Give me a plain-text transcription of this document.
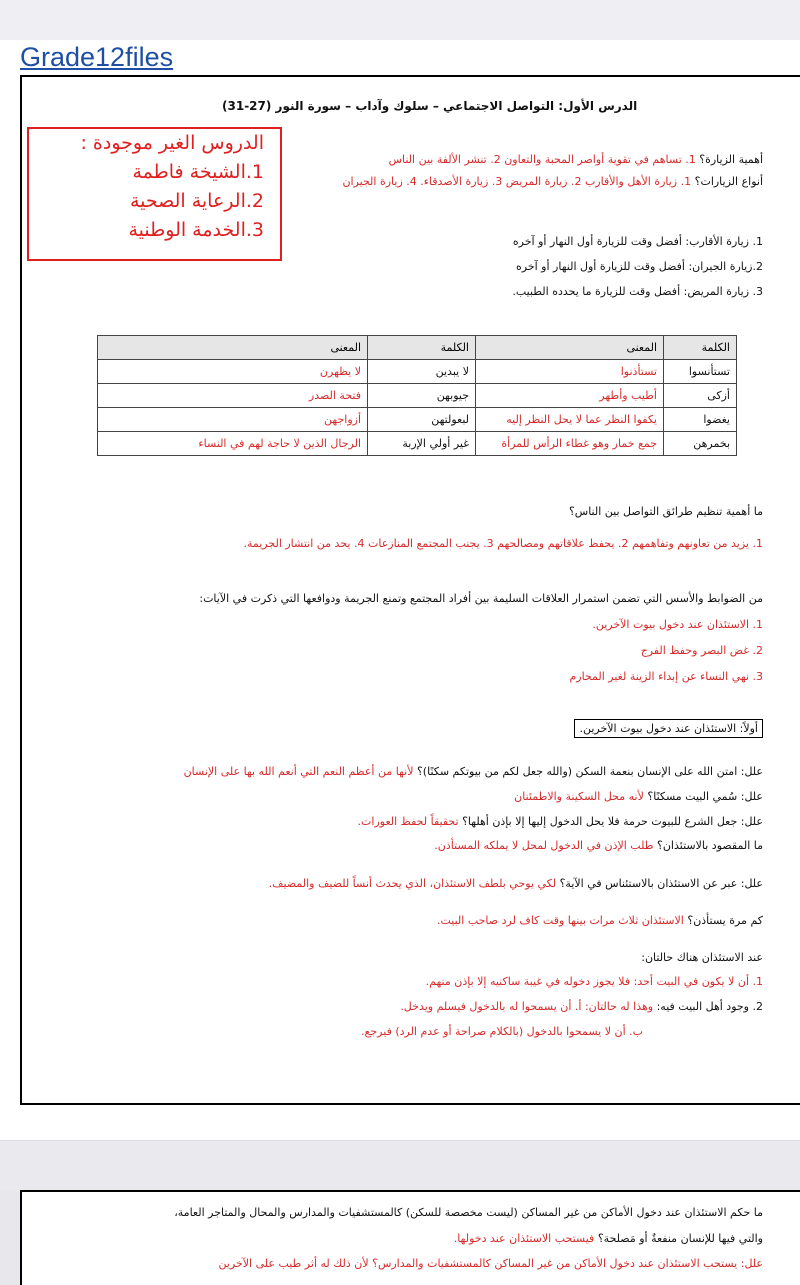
Grade12files
الدرس الأول: التواصل الاجتماعي – سلوك وآداب – سورة النور (27-31)
الدروس الغير موجودة :
1.الشيخة فاطمة
2.الرعاية الصحية
3.الخدمة الوطنية
أهمية الزيارة؟ 1. تساهم في تقوية أواصر المحبة والتعاون 2. تنشر الألفة بين الناس
أنواع الزيارات؟ 1. زيارة الأهل والأقارب 2. زيارة المريض 3. زيارة الأصدقاء. 4. زيارة الجيران
1. زيارة الأقارب: أفضل وقت للزيارة أول النهار أو آخره
2.زيارة الجيران: أفضل وقت للزيارة أول النهار أو آخره
3. زيارة المريض: أفضل وقت للزيارة ما يحدده الطبيب.
الكلمة	المعنى	الكلمة	المعنى
تستأنسوا	تستأذنوا	لا يبدين	لا يظهرن
أزكى	أطيب وأطهر	جيوبهن	فتحة الصدر
يغضوا	يكفوا النظر عما لا يحل النظر إليه	لبعولتهن	أزواجهن
بخمرهن	جمع خمار وهو غطاء الرأس للمرأة	غير أولي الإربة	الرجال الذين لا حاجة لهم في النساء
ما أهمية تنظيم طرائق التواصل بين الناس؟
1. يزيد من تعاونهم وتفاهمهم 2. يحفظ علاقاتهم ومصالحهم 3. يجنب المجتمع المنازعات 4. يحد من انتشار الجريمة.
من الضوابط والأسس التي تضمن استمرار العلاقات السليمة بين أفراد المجتمع وتمنع الجريمة ودوافعها التي ذكرت في الآيات:
1. الاستئذان عند دخول بيوت الآخرين.
2. غض البصر وحفظ الفرج
3. نهي النساء عن إبداء الزينة لغير المحارم
أولاً: الاستئذان عند دخول بيوت الآخرين.
علل: امتن الله على الإنسان بنعمة السكن (والله جعل لكم من بيوتكم سكنًا)؟ لأنها من أعظم النعم التي أنعم الله بها على الإنسان
علل: سُمي البيت مسكنًا؟ لأنه محل السكينة والاطمئنان
علل: جعل الشرع للبيوت حرمة فلا يحل الدخول إليها إلا بإذن أهلها؟ تحقيقاً لحفظ العورات.
ما المقصود بالاستئذان؟ طلب الإذن في الدخول لمحل لا يملكه المستأذن.
علل: عبر عن الاستئذان بالاستئناس في الآية؟ لكي يوحي بلطف الاستئذان، الذي يحدث أنساً للضيف والمضيف.
كم مرة يستأذن؟ الاستئذان ثلاث مرات بينها وقت كاف لرد صاحب البيت.
عند الاستئذان هناك حالتان:
1. أن لا يكون في البيت أحد: فلا يجوز دخوله في غيبة ساكنيه إلا بإذن منهم.
2. وجود أهل البيت فيه: وهذا له حالتان: أ. أن يسمحوا له بالدخول فيسلم ويدخل.
ب. أن لا يسمحوا بالدخول (بالكلام صراحة أو عدم الرد) فيرجع.
ما حكم الاستئذان عند دخول الأماكن من غير المساكن (ليست مخصصة للسكن) كالمستشفيات والمدارس والمحال والمتاجر العامة،
والتي فيها للإنسان منفعةٌ أو مَصلحة؟ فيستحب الاستئذان عند دخولها.
علل: يستحب الاستئذان عند دخول الأماكن من غير المساكن كالمستشفيات والمدارس؟ لأن ذلك له أثر طيب على الآخرين
